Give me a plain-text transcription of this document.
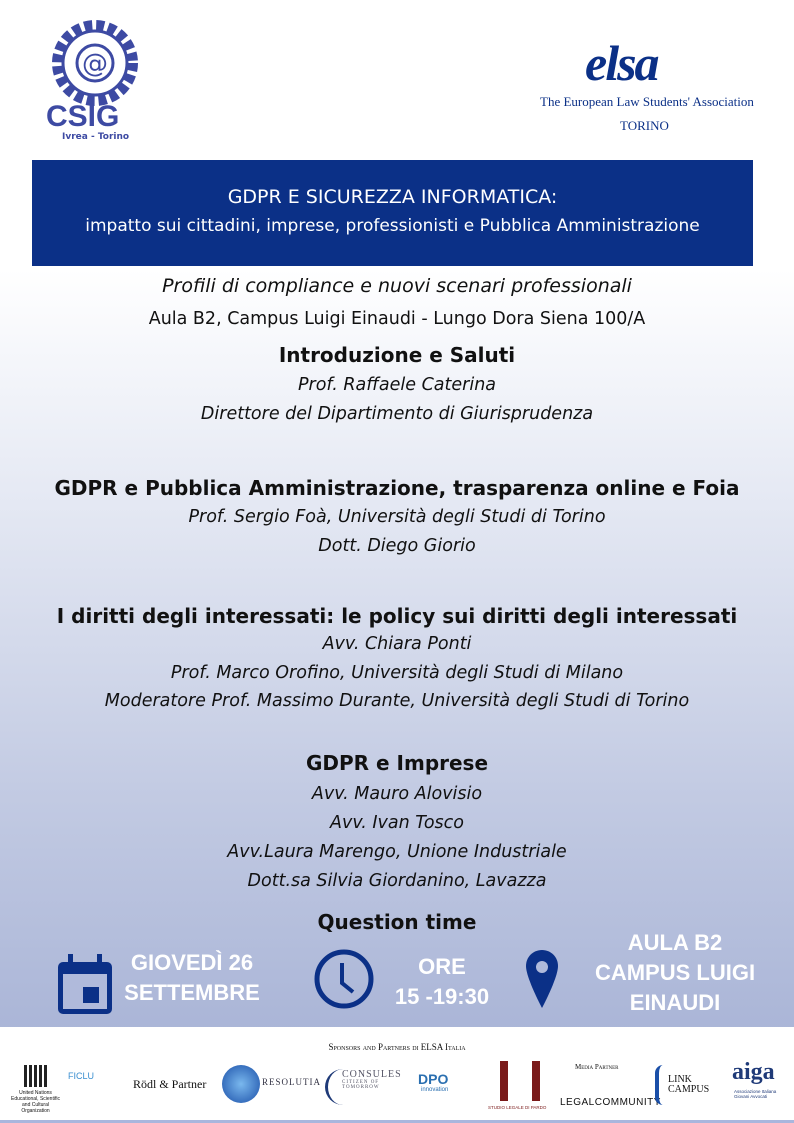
@
CSIG
Ivrea - Torino
elsa
The European Law Students' Association
TORINO
GDPR E SICUREZZA INFORMATICA:
impatto sui cittadini, imprese, professionisti e Pubblica Amministrazione
Profili di compliance e nuovi scenari professionali
Aula B2, Campus Luigi Einaudi - Lungo Dora Siena 100/A
Introduzione e Saluti
Prof. Raffaele Caterina
Direttore del Dipartimento di Giurisprudenza
GDPR e Pubblica Amministrazione, trasparenza online e Foia
Prof. Sergio Foà, Università degli Studi di Torino
Dott. Diego Giorio
I diritti degli interessati: le policy sui diritti degli interessati
Avv. Chiara Ponti
Prof. Marco Orofino, Università degli Studi di Milano
Moderatore Prof. Massimo Durante, Università degli Studi di Torino
GDPR e Imprese
Avv. Mauro Alovisio
Avv. Ivan Tosco
Avv.Laura Marengo, Unione Industriale
Dott.sa Silvia Giordanino, Lavazza
Question time
GIOVEDÌ 26
SETTEMBRE
ORE
15 -19:30
AULA B2
CAMPUS LUIGI
EINAUDI
Sponsors and Partners di ELSA Italia
United Nations Educational, Scientific and Cultural Organization
FICLU
Rödl & Partner	RESOLUTIA
CONSULES
CITIZEN OF TOMORROW
DPO
innovation
STUDIO LEGALE DI PARDO
Media Partner
LEGALCOMMUNITY
LINK CAMPUS
aiga
Associazione Italiana Giovani Avvocati
